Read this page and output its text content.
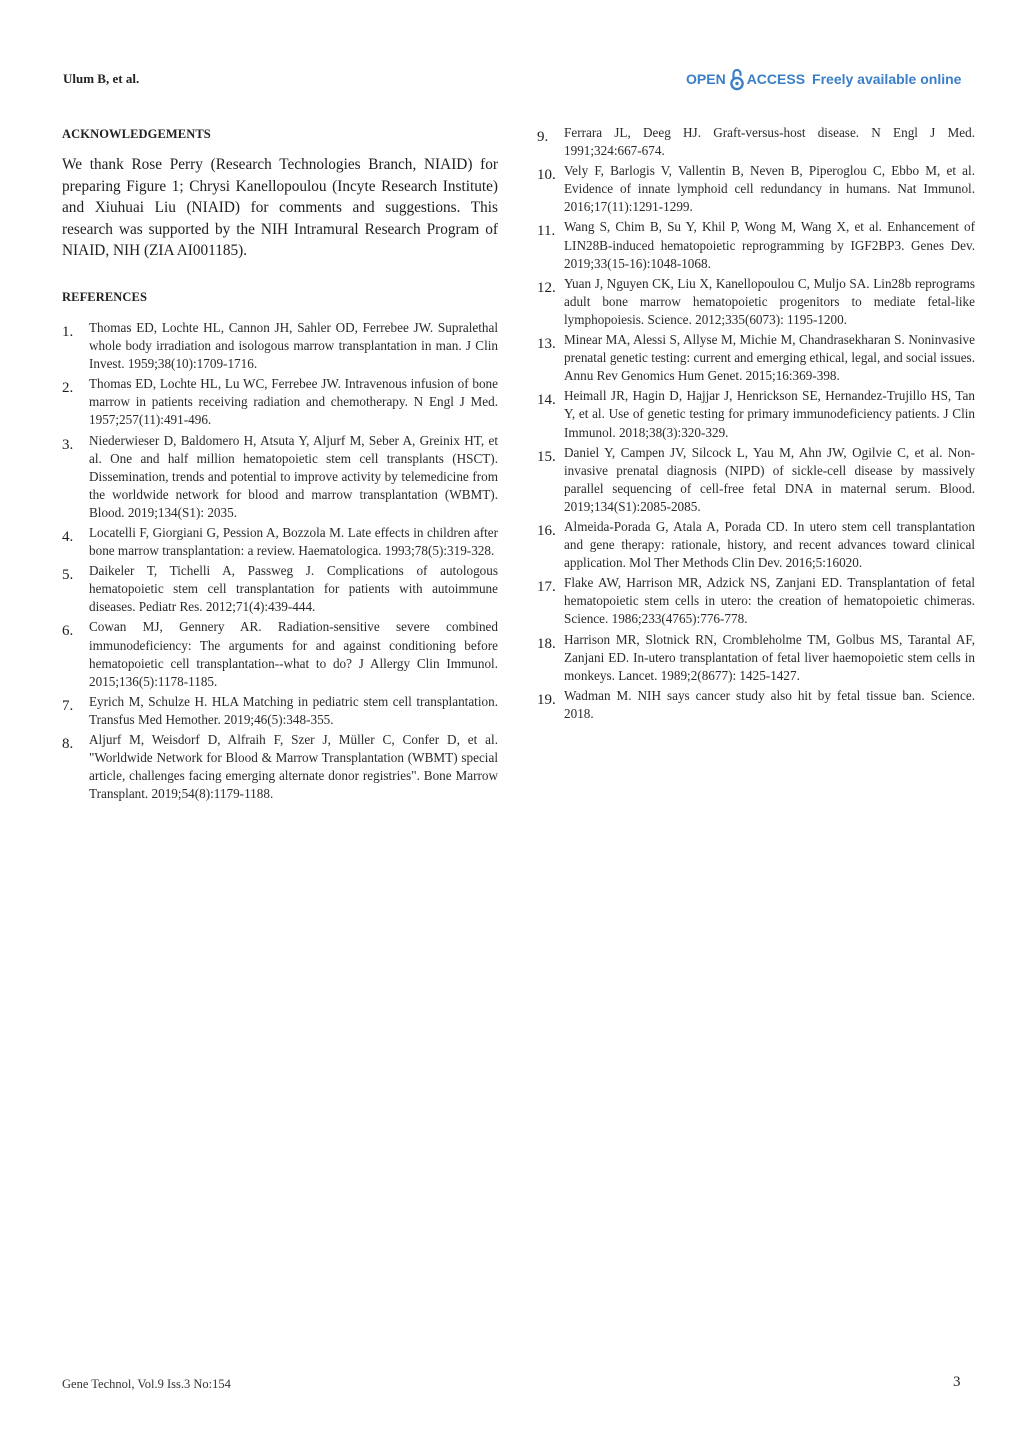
Ulum B, et al.	OPEN ACCESS Freely available online
ACKNOWLEDGEMENTS

We thank Rose Perry (Research Technologies Branch, NIAID) for preparing Figure 1; Chrysi Kanellopoulou (Incyte Research Institute) and Xiuhuai Liu (NIAID) for comments and suggestions. This research was supported by the NIH Intramural Research Program of NIAID, NIH (ZIA AI001185).

REFERENCES
1.	Thomas ED, Lochte HL, Cannon JH, Sahler OD, Ferrebee JW. Supralethal whole body irradiation and isologous marrow transplantation in man. J Clin Invest. 1959;38(10):1709-1716.
2.	Thomas ED, Lochte HL, Lu WC, Ferrebee JW. Intravenous infusion of bone marrow in patients receiving radiation and chemotherapy. N Engl J Med. 1957;257(11):491-496.
3.	Niederwieser D, Baldomero H, Atsuta Y, Aljurf M, Seber A, Greinix HT, et al. One and half million hematopoietic stem cell transplants (HSCT). Dissemination, trends and potential to improve activity by telemedicine from the worldwide network for blood and marrow transplantation (WBMT). Blood. 2019;134(S1): 2035.
4.	Locatelli F, Giorgiani G, Pession A, Bozzola M. Late effects in children after bone marrow transplantation: a review. Haematologica. 1993;78(5):319-328.
5.	Daikeler T, Tichelli A, Passweg J. Complications of autologous hematopoietic stem cell transplantation for patients with autoimmune diseases. Pediatr Res. 2012;71(4):439-444.
6.	Cowan MJ, Gennery AR. Radiation-sensitive severe combined immunodeficiency: The arguments for and against conditioning before hematopoietic cell transplantation--what to do? J Allergy Clin Immunol. 2015;136(5):1178-1185.
7.	Eyrich M, Schulze H. HLA Matching in pediatric stem cell transplantation. Transfus Med Hemother. 2019;46(5):348-355.
8.	Aljurf M, Weisdorf D, Alfraih F, Szer J, Müller C, Confer D, et al. "Worldwide Network for Blood & Marrow Transplantation (WBMT) special article, challenges facing emerging alternate donor registries". Bone Marrow Transplant. 2019;54(8):1179-1188.
9.	Ferrara JL, Deeg HJ. Graft-versus-host disease. N Engl J Med. 1991;324:667-674.
10. Vely F, Barlogis V, Vallentin B, Neven B, Piperoglou C, Ebbo M, et al. Evidence of innate lymphoid cell redundancy in humans. Nat Immunol. 2016;17(11):1291-1299.
11. Wang S, Chim B, Su Y, Khil P, Wong M, Wang X, et al. Enhancement of LIN28B-induced hematopoietic reprogramming by IGF2BP3. Genes Dev. 2019;33(15-16):1048-1068.
12. Yuan J, Nguyen CK, Liu X, Kanellopoulou C, Muljo SA. Lin28b reprograms adult bone marrow hematopoietic progenitors to mediate fetal-like lymphopoiesis. Science. 2012;335(6073): 1195-1200.
13. Minear MA, Alessi S, Allyse M, Michie M, Chandrasekharan S. Noninvasive prenatal genetic testing: current and emerging ethical, legal, and social issues. Annu Rev Genomics Hum Genet. 2015;16:369-398.
14. Heimall JR, Hagin D, Hajjar J, Henrickson SE, Hernandez-Trujillo HS, Tan Y, et al. Use of genetic testing for primary immunodeficiency patients. J Clin Immunol. 2018;38(3):320-329.
15. Daniel Y, Campen JV, Silcock L, Yau M, Ahn JW, Ogilvie C, et al. Non-invasive prenatal diagnosis (NIPD) of sickle-cell disease by massively parallel sequencing of cell-free fetal DNA in maternal serum. Blood. 2019;134(S1):2085-2085.
16. Almeida-Porada G, Atala A, Porada CD. In utero stem cell transplantation and gene therapy: rationale, history, and recent advances toward clinical application. Mol Ther Methods Clin Dev. 2016;5:16020.
17. Flake AW, Harrison MR, Adzick NS, Zanjani ED. Transplantation of fetal hematopoietic stem cells in utero: the creation of hematopoietic chimeras. Science. 1986;233(4765):776-778.
18. Harrison MR, Slotnick RN, Crombleholme TM, Golbus MS, Tarantal AF, Zanjani ED. In-utero transplantation of fetal liver haemopoietic stem cells in monkeys. Lancet. 1989;2(8677): 1425-1427.
19. Wadman M. NIH says cancer study also hit by fetal tissue ban. Science. 2018.
Gene Technol, Vol.9 Iss.3 No:154	3
